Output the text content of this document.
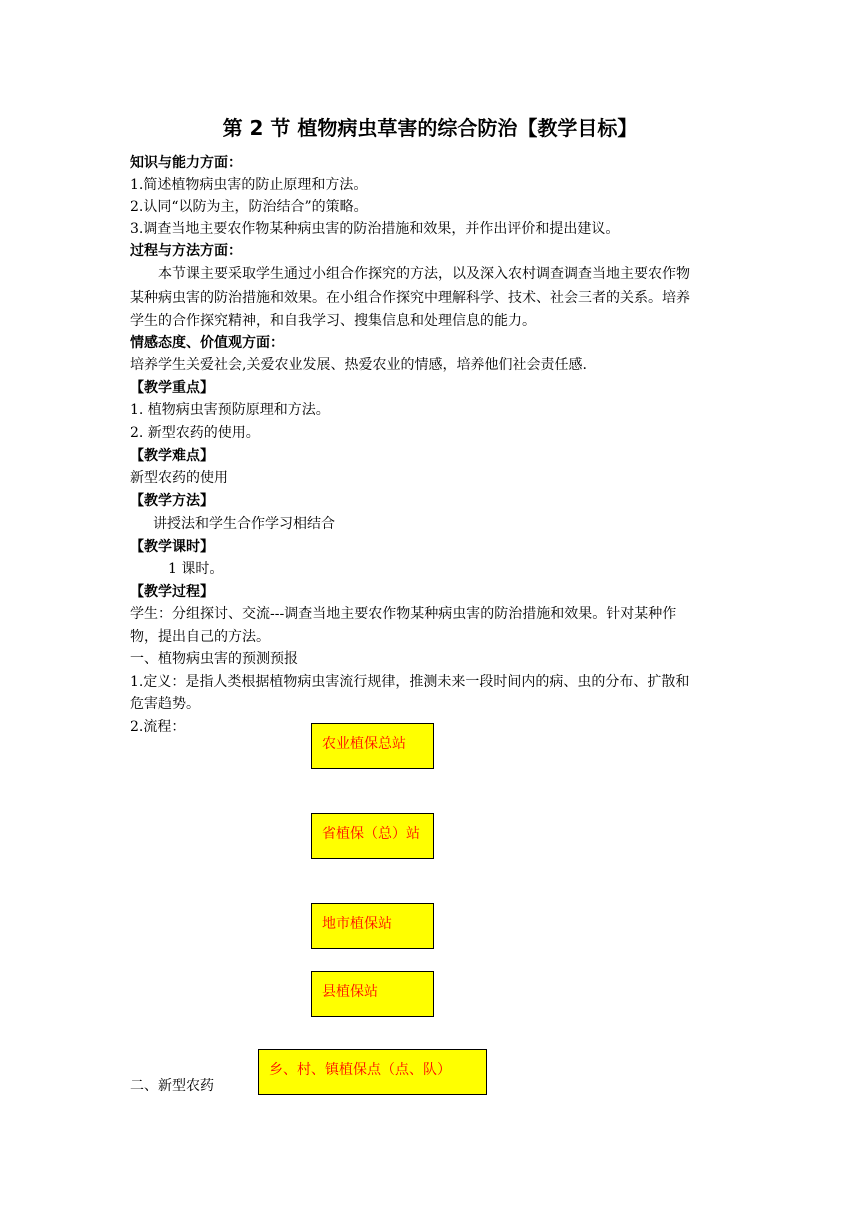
第 2 节 植物病虫草害的综合防治【教学目标】
知识与能力方面：
1.简述植物病虫害的防止原理和方法。
2.认同“以防为主，防治结合”的策略。
3.调查当地主要农作物某种病虫害的防治措施和效果，并作出评价和提出建议。
过程与方法方面：
　　本节课主要采取学生通过小组合作探究的方法，以及深入农村调查调查当地主要农作物
某种病虫害的防治措施和效果。在小组合作探究中理解科学、技术、社会三者的关系。培养
学生的合作探究精神，和自我学习、搜集信息和处理信息的能力。
情感态度、价值观方面：
培养学生关爱社会,关爱农业发展、热爱农业的情感，培养他们社会责任感.
【教学重点】
1. 植物病虫害预防原理和方法。
2. 新型农药的使用。
【教学难点】
新型农药的使用
【教学方法】
讲授法和学生合作学习相结合
【教学课时】
1 课时。
【教学过程】
学生：分组探讨、交流---调查当地主要农作物某种病虫害的防治措施和效果。针对某种作
物，提出自己的方法。
一、植物病虫害的预测预报
1.定义：是指人类根据植物病虫害流行规律，推测未来一段时间内的病、虫的分布、扩散和
危害趋势。
2.流程：
农业植保总站
省植保（总）站
地市植保站
县植保站
乡、村、镇植保点（点、队）
二、新型农药
